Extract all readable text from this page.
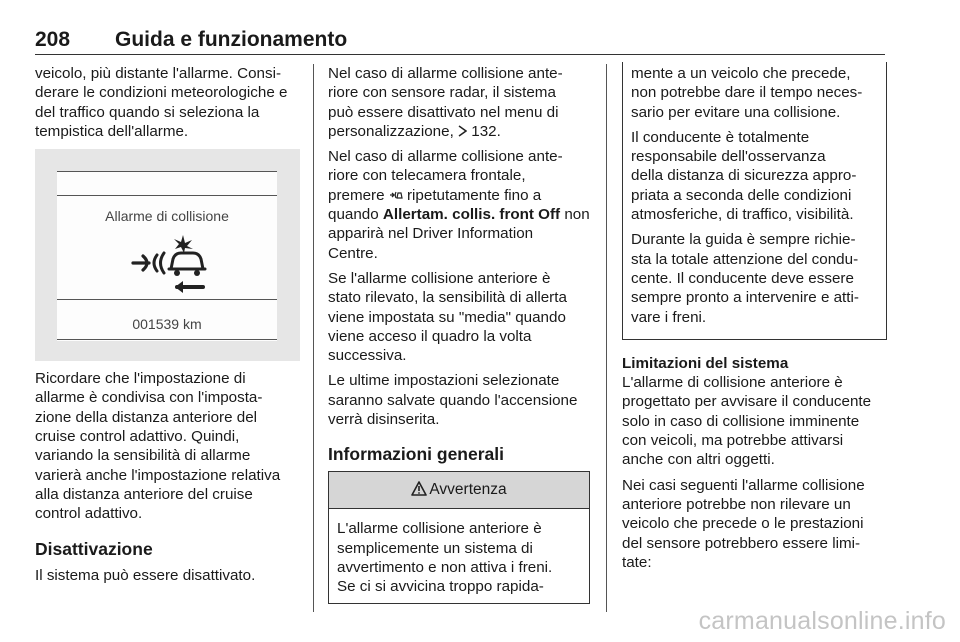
208 Guida e funzionamento

veicolo, più distante l'allarme. Consi-
derare le condizioni meteorologiche e
del traffico quando si seleziona la
tempistica dell'allarme.

Allarme di collisione
001539 km

Ricordare che l'impostazione di
allarme è condivisa con l'imposta-
zione della distanza anteriore del
cruise control adattivo. Quindi,
variando la sensibilità di allarme
varierà anche l'impostazione relativa
alla distanza anteriore del cruise
control adattivo.

Disattivazione

Il sistema può essere disattivato.

Nel caso di allarme collisione ante-
riore con sensore radar, il sistema
può essere disattivato nel menu di
personalizzazione,  132.

Nel caso di allarme collisione ante-
riore con telecamera frontale,
premere  ripetutamente fino a
quando Allertam. collis. front Off non
apparirà nel Driver Information
Centre.

Se l'allarme collisione anteriore è
stato rilevato, la sensibilità di allerta
viene impostata su "media" quando
viene acceso il quadro la volta
successiva.

Le ultime impostazioni selezionate
saranno salvate quando l'accensione
verrà disinserita.

Informazioni generali
Avvertenza
L'allarme collisione anteriore è
semplicemente un sistema di
avvertimento e non attiva i freni.
Se ci si avvicina troppo rapida-

mente a un veicolo che precede,
non potrebbe dare il tempo neces-
sario per evitare una collisione.

Il conducente è totalmente
responsabile dell'osservanza
della distanza di sicurezza appro-
priata a seconda delle condizioni
atmosferiche, di traffico, visibilità.

Durante la guida è sempre richie-
sta la totale attenzione del condu-
cente. Il conducente deve essere
sempre pronto a intervenire e atti-
vare i freni.

Limitazioni del sistema

L'allarme di collisione anteriore è
progettato per avvisare il conducente
solo in caso di collisione imminente
con veicoli, ma potrebbe attivarsi
anche con altri oggetti.

Nei casi seguenti l'allarme collisione
anteriore potrebbe non rilevare un
veicolo che precede o le prestazioni
del sensore potrebbero essere limi-
tate:

carmanualsonline.info
